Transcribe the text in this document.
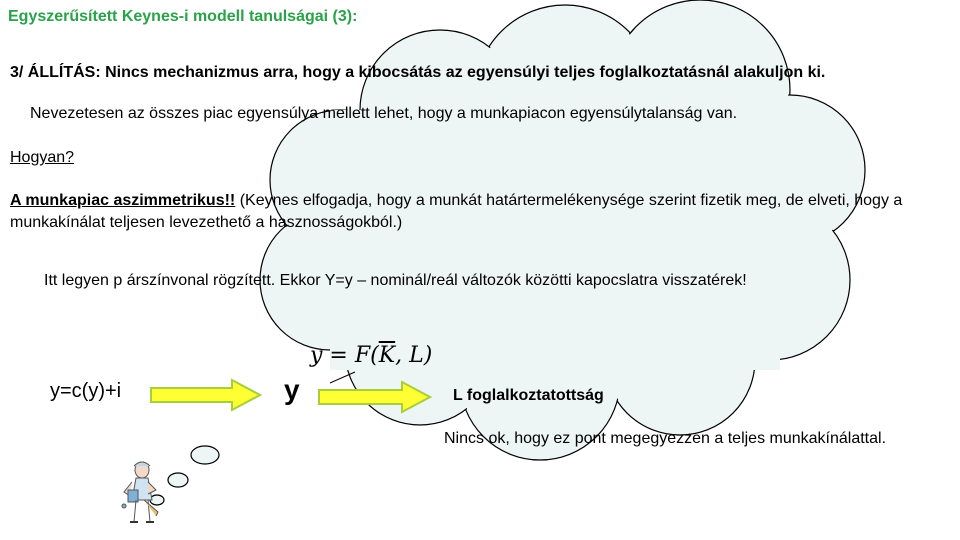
Egyszerűsített Keynes-i modell tanulságai (3):
3/ ÁLLÍTÁS: Nincs mechanizmus arra, hogy a kibocsátás az egyensúlyi teljes foglalkoztatásnál alakuljon ki.
Nevezetesen az összes piac egyensúlya mellett lehet, hogy a munkapiacon egyensúlytalanság van.
Hogyan?
A munkapiac aszimmetrikus!! (Keynes elfogadja, hogy a munkát határtermelékenysége szerint fizetik meg, de elveti, hogy a munkakínálat teljesen levezethető a hasznosságokból.)
Itt legyen p árszínvonal rögzített. Ekkor Y=y – nominál/reál változók közötti kapocslatra visszatérek!
$y = F(\overline{K}$, L)
y=c(y)+i	y	L foglalkoztatottság
Nincs ok, hogy ez pont megegyezzen a teljes munkakínálattal.
